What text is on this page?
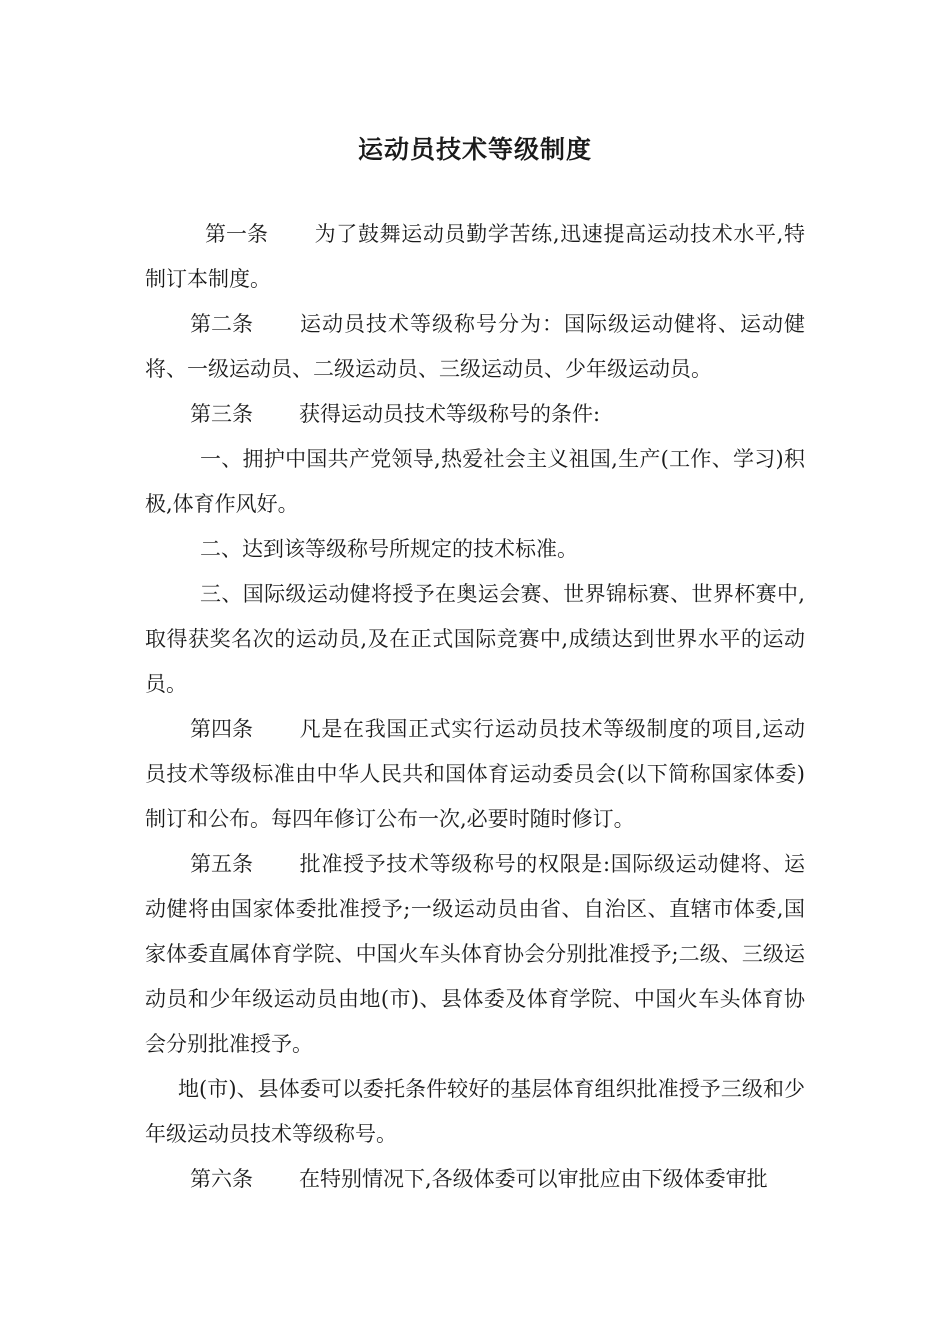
运动员技术等级制度

第一条 为了鼓舞运动员勤学苦练,迅速提高运动技术水平,特制订本制度。

第二条 运动员技术等级称号分为：国际级运动健将、运动健将、一级运动员、二级运动员、三级运动员、少年级运动员。

第三条 获得运动员技术等级称号的条件:

一、拥护中国共产党领导,热爱社会主义祖国,生产(工作、学习)积极,体育作风好。

二、达到该等级称号所规定的技术标准。

三、国际级运动健将授予在奥运会赛、世界锦标赛、世界杯赛中,取得获奖名次的运动员,及在正式国际竞赛中,成绩达到世界水平的运动员。

第四条 凡是在我国正式实行运动员技术等级制度的项目,运动员技术等级标准由中华人民共和国体育运动委员会(以下简称国家体委)制订和公布。每四年修订公布一次,必要时随时修订。

第五条 批准授予技术等级称号的权限是:国际级运动健将、运动健将由国家体委批准授予;一级运动员由省、自治区、直辖市体委,国家体委直属体育学院、中国火车头体育协会分别批准授予;二级、三级运动员和少年级运动员由地(市)、县体委及体育学院、中国火车头体育协会分别批准授予。

地(市)、县体委可以委托条件较好的基层体育组织批准授予三级和少年级运动员技术等级称号。

第六条 在特别情况下,各级体委可以审批应由下级体委审批
